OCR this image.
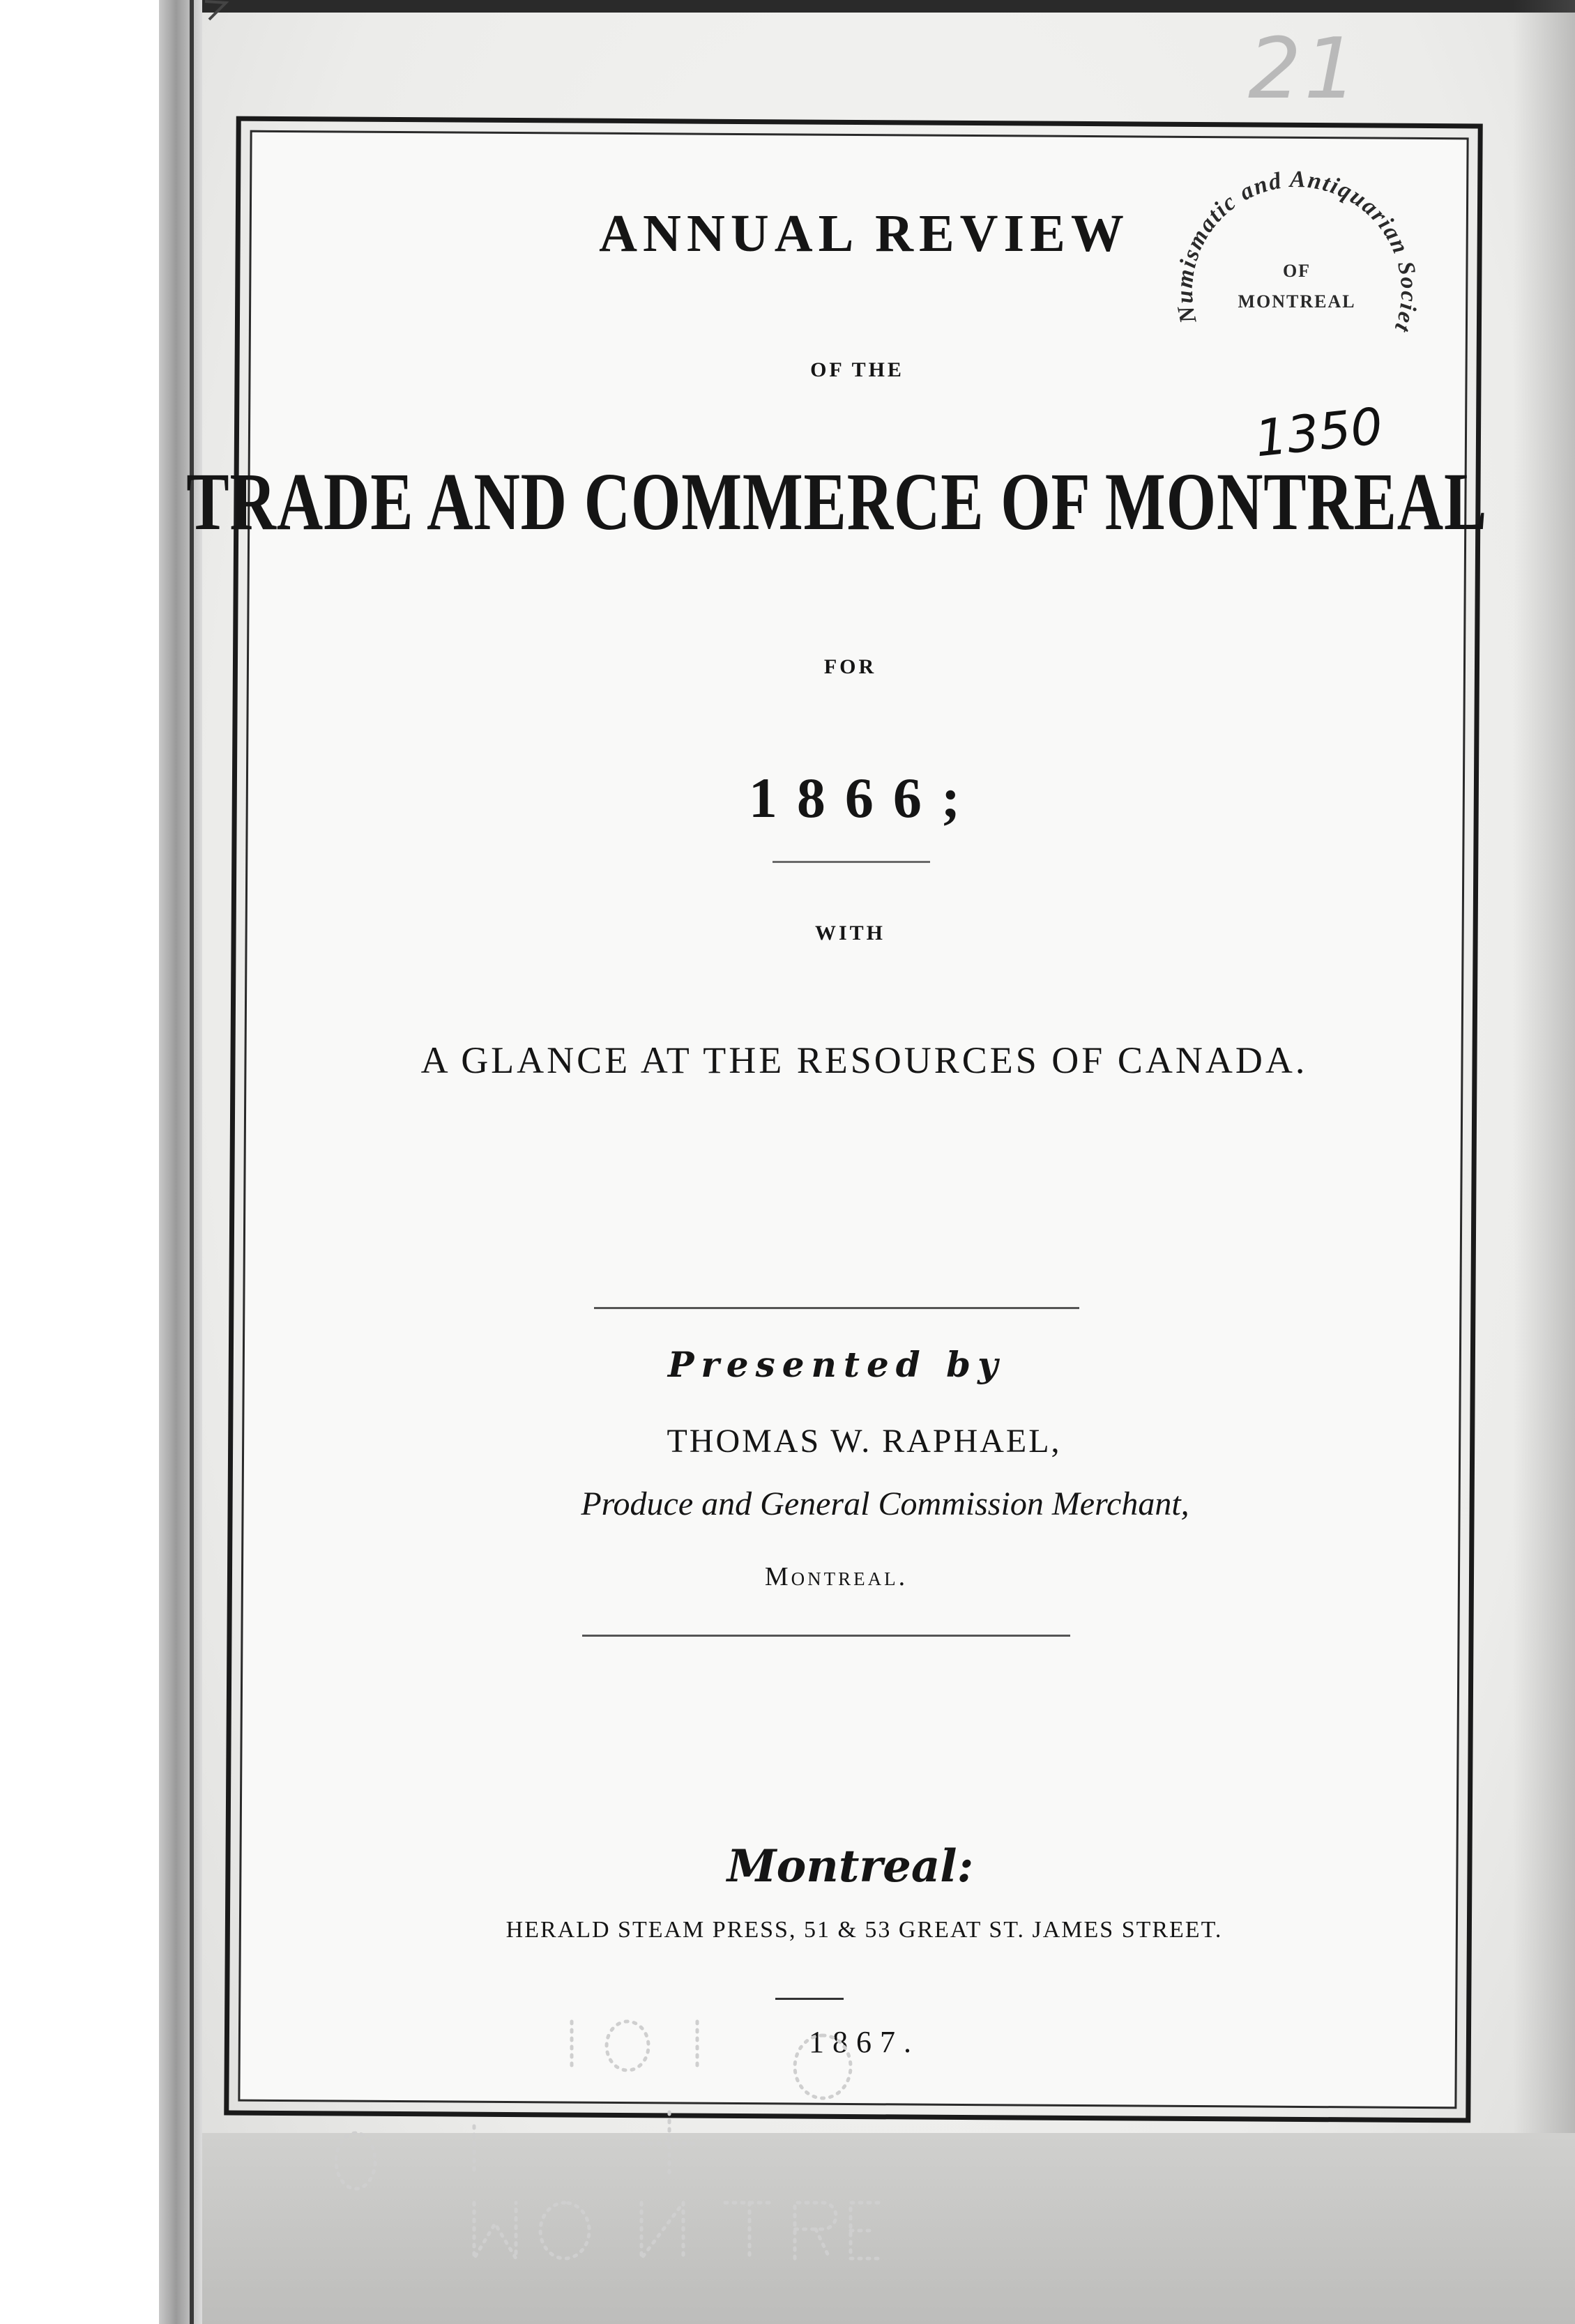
21
Numismatic and Antiquarian Societ
OF
MONTREAL
1350
ANNUAL REVIEW
OF THE
TRADE AND COMMERCE OF MONTREAL
FOR
1866;
WITH
A GLANCE AT THE RESOURCES OF CANADA.
Presented by
THOMAS W. RAPHAEL,
Produce and General Commission Merchant,
Montreal.
Montreal:
HERALD STEAM PRESS, 51 & 53 GREAT ST. JAMES STREET.
1867.
